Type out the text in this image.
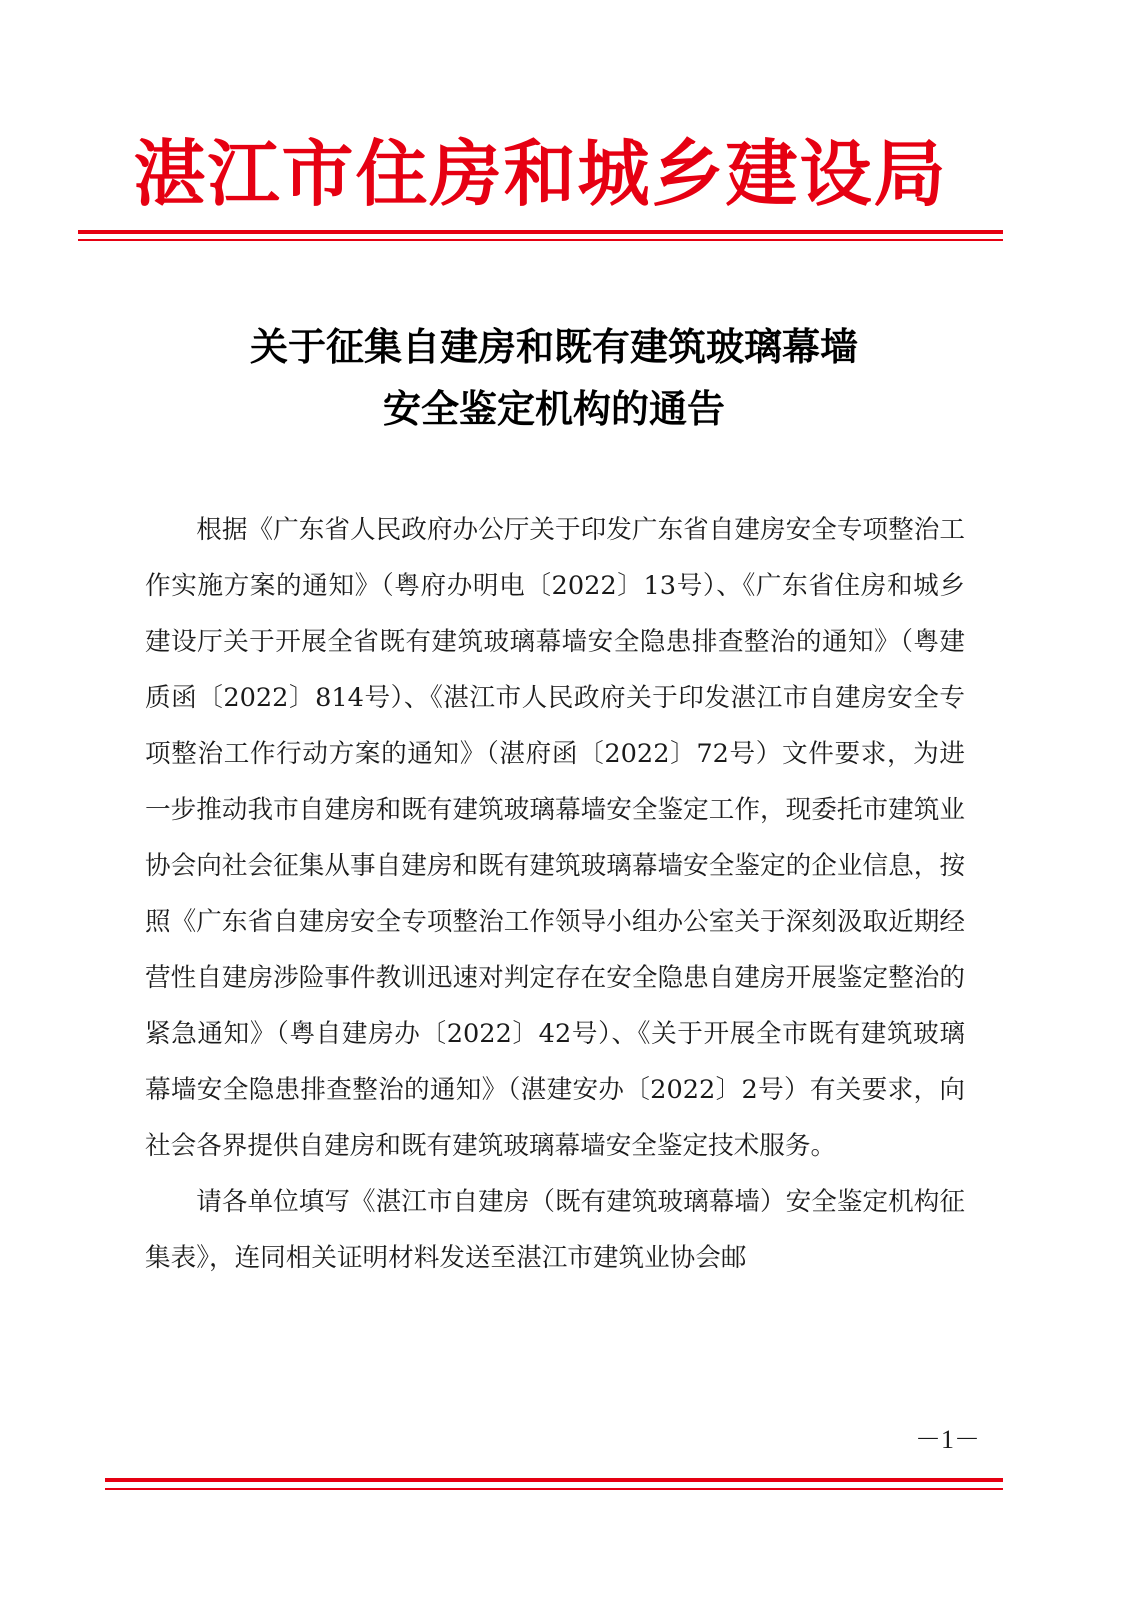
湛江市住房和城乡建设局
关于征集自建房和既有建筑玻璃幕墙
安全鉴定机构的通告

根据《广东省人民政府办公厅关于印发广东省自建房安全专项整治工作实施方案的通知》（粤府办明电〔2022〕13号）、《广东省住房和城乡建设厅关于开展全省既有建筑玻璃幕墙安全隐患排查整治的通知》（粤建质函〔2022〕814号）、《湛江市人民政府关于印发湛江市自建房安全专项整治工作行动方案的通知》（湛府函〔2022〕72号）文件要求，为进一步推动我市自建房和既有建筑玻璃幕墙安全鉴定工作，现委托市建筑业协会向社会征集从事自建房和既有建筑玻璃幕墙安全鉴定的企业信息，按照《广东省自建房安全专项整治工作领导小组办公室关于深刻汲取近期经营性自建房涉险事件教训迅速对判定存在安全隐患自建房开展鉴定整治的紧急通知》（粤自建房办〔2022〕42号）、《关于开展全市既有建筑玻璃幕墙安全隐患排查整治的通知》（湛建安办〔2022〕2号）有关要求，向社会各界提供自建房和既有建筑玻璃幕墙安全鉴定技术服务。

请各单位填写《湛江市自建房（既有建筑玻璃幕墙）安全鉴定机构征集表》，连同相关证明材料发送至湛江市建筑业协会邮

－1－
